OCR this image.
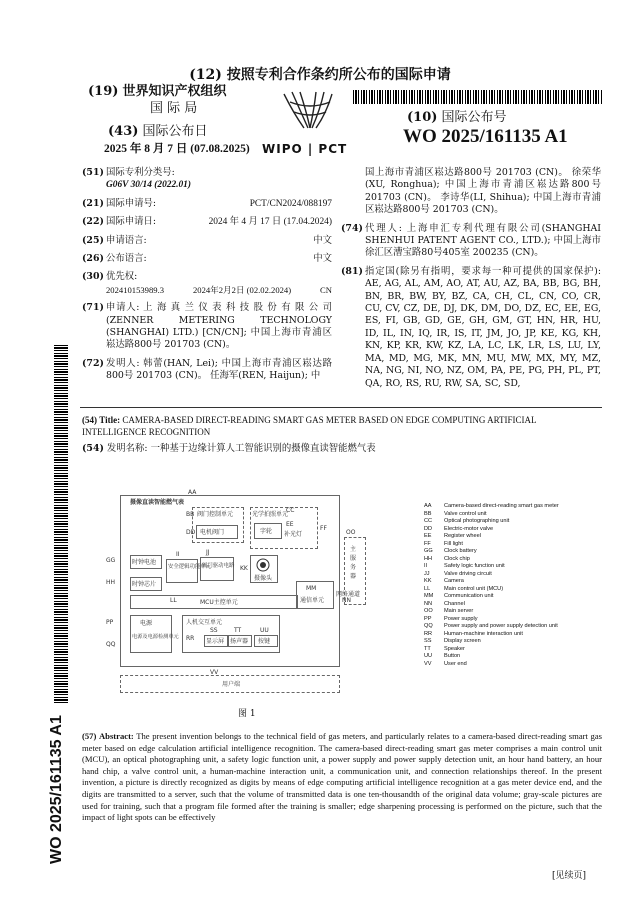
(12) 按照专利合作条约所公布的国际申请
(19) 世界知识产权组织
国 际 局
(43) 国际公布日
2025 年 8 月 7 日 (07.08.2025) WIPO | PCT
(10) 国际公布号
WO 2025/161135 A1
(51) 国际专利分类号:
G06V 30/14 (2022.01)
(21) 国际申请号:	PCT/CN2024/088197
(22) 国际申请日:	2024 年 4 月 17 日 (17.04.2024)
(25) 申请语言:	中文
(26) 公布语言:	中文
(30) 优先权:
202410153989.3	2024年2月2日 (02.02.2024)	CN
(71) 申请人: 上 海 真 兰 仪 表 科 技 股 份 有 限 公 司 (ZENNER METERING TECHNOLOGY (SHANGHAI) LTD.) [CN/CN]; 中国上海市青浦区崧达路800号 201703 (CN)。
(72) 发明人: 韩蕾(HAN, Lei); 中国上海市青浦区崧达路800号 201703 (CN)。 任海军(REN, Haijun); 中
国上海市青浦区崧达路800号 201703 (CN)。 徐荣华(XU, Ronghua); 中国上海市青浦区崧达路800号 201703 (CN)。 李诗华(LI, Shihua); 中国上海市青浦区崧达路800号 201703 (CN)。
(74) 代理人: 上海申汇专利代理有限公司(SHANGHAI SHENHUI PATENT AGENT CO., LTD.); 中国上海市徐汇区漕宝路80号405室 200235 (CN)。
(81) 指定国(除另有指明，要求每一种可提供的国家保护): AE, AG, AL, AM, AO, AT, AU, AZ, BA, BB, BG, BH, BN, BR, BW, BY, BZ, CA, CH, CL, CN, CO, CR, CU, CV, CZ, DE, DJ, DK, DM, DO, DZ, EC, EE, EG, ES, FI, GB, GD, GE, GH, GM, GT, HN, HR, HU, ID, IL, IN, IQ, IR, IS, IT, JM, JO, JP, KE, KG, KH, KN, KP, KR, KW, KZ, LA, LC, LK, LR, LS, LU, LY, MA, MD, MG, MK, MN, MU, MW, MX, MY, MZ, NA, NG, NI, NO, NZ, OM, PA, PE, PG, PH, PL, PT, QA, RO, RS, RU, RW, SA, SC, SD,
WO 2025/161135 A1
(54) Title: CAMERA-BASED DIRECT-READING SMART GAS METER BASED ON EDGE COMPUTING ARTIFICIAL INTELLIGENCE RECOGNITION
(54) 发明名称: 一种基于边缘计算人工智能识别的摄像直读智能燃气表
摄像直读智能燃气表
AA
阀门控制单元
电机阀门
BB
DD
光学拍照单元
字轮 补光灯
CC
EE
FF
时钟电池
时钟芯片
GG
HH
安全逻辑功能单元
阀门驱动电路
II	JJ
摄像头
KK
MCU主控单元
LL	通信单元
MM
网络通道
NN
主服务器
OO
电源
电源及电源检测单元
PP
QQ
人机交互单元
显示屏 扬声器 按键
RR
SS	TT	UU
用户端
VV
AA	Camera-based direct-reading smart gas meter
BB	Valve control unit
CC	Optical photographing unit
DD	Electric-motor valve
EE	Register wheel
FF	Fill light
GG	Clock battery
HH	Clock chip
II	Safety logic function unit
JJ	Valve driving circuit
KK	Camera
LL	Main control unit (MCU)
MM	Communication unit
NN	Channel
OO	Main server
PP	Power supply
QQ	Power supply and power supply detection unit
RR	Human-machine interaction unit
SS	Display screen
TT	Speaker
UU	Button
VV	User end
图 1
(57) Abstract: The present invention belongs to the technical field of gas meters, and particularly relates to a camera-based direct-reading smart gas meter based on edge calculation artificial intelligence recognition. The camera-based direct-reading smart gas meter comprises a main control unit (MCU), an optical photographing unit, a safety logic function unit, a power supply and power supply detection unit, an hour hand battery, an hour hand chip, a valve control unit, a human-machine interaction unit, a communication unit, and connection relationships thereof. In the present invention, a picture is directly recognized as digits by means of edge computing artificial intelligence recognition at a gas meter device end, and the digits are transmitted to a server, such that the volume of transmitted data is one ten-thousandth of the original data volume; gray-scale pictures are used for training, such that a program file formed after the training is smaller; edge sharpening processing is performed on the picture, such that the impact of light spots can be effectively
[见续页]
